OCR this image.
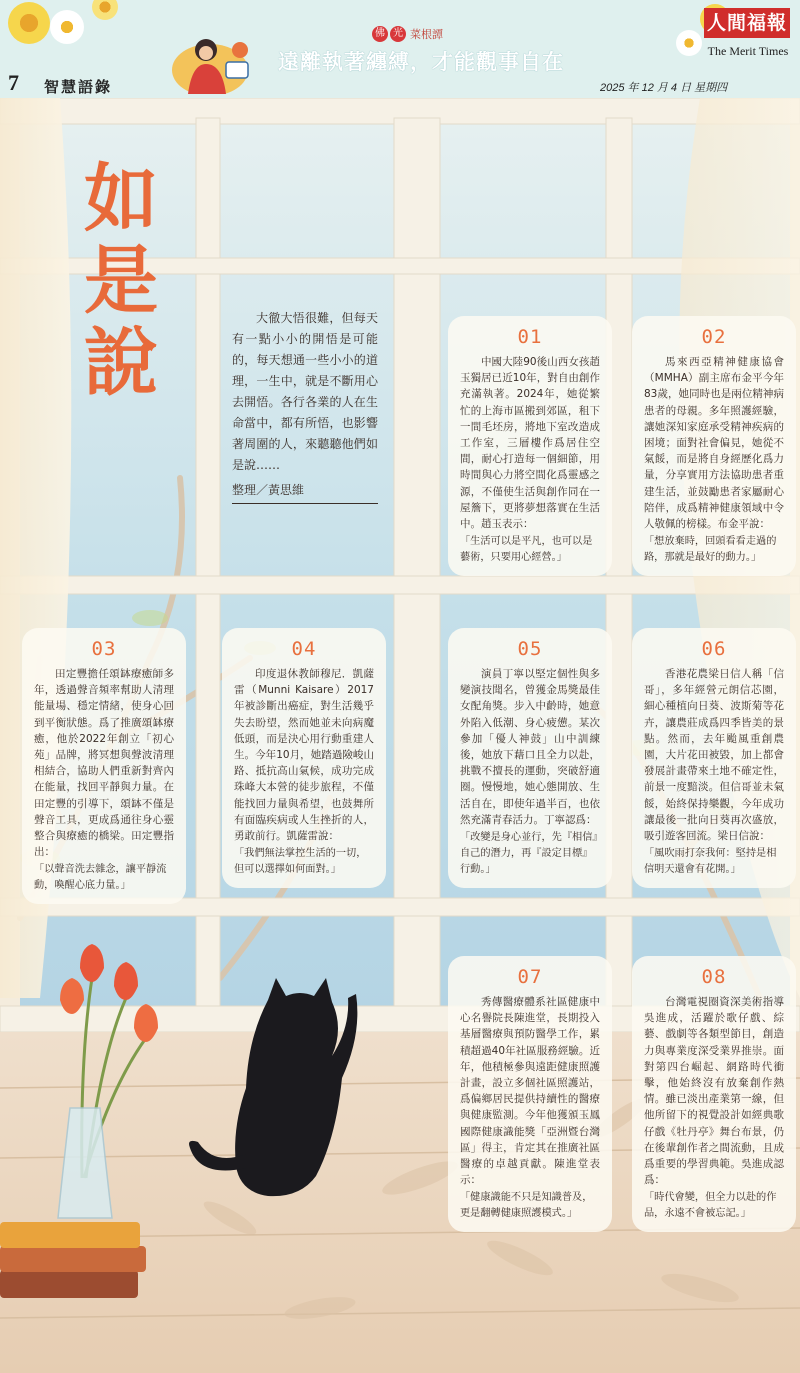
佛 光 菜根譚
遠離執著纏縛，才能觀事自在
人間福報
The Merit Times
7 智慧語錄	2025 年 12 月 4 日 星期四
如是說
大徹大悟很難，但每天有一點小小的開悟是可能的，每天想通一些小小的道理，一生中，就是不斷用心去開悟。各行各業的人在生命當中，都有所悟，也影響著周圍的人，來聽聽他們如是說……
整理／黃思維
01

中國大陸90後山西女孩趙玉獨居已近10年，對自由創作充滿執著。2024年，她從繁忙的上海市區搬到郊區，租下一間毛坯房，將地下室改造成工作室，三層樓作爲居住空間，耐心打造每一個細節，用時間與心力將空間化爲靈感之源，不僅使生活與創作同在一屋簷下，更將夢想落實在生活中。趙玉表示：

「生活可以是平凡，也可以是藝術，只要用心經營。」

02

馬來西亞精神健康協會（MMHA）副主席布金平今年83歲，她同時也是兩位精神病患者的母親。多年照護經驗，讓她深知家庭承受精神疾病的困境；面對社會偏見，她從不氣餒，而是將自身經歷化爲力量，分享實用方法協助患者重建生活，並鼓勵患者家屬耐心陪伴，成爲精神健康領域中令人敬佩的榜樣。布金平說：

「想放棄時，回頭看看走過的路，那就是最好的動力。」

03

田定豐擔任頌缽療癒師多年，透過聲音頻率幫助人清理能量場、穩定情緒，使身心回到平衡狀態。爲了推廣頌缽療癒，他於2022年創立「初心苑」品牌，將冥想與聲波清理相結合，協助人們重新對齊內在能量，找回平靜與力量。在田定豐的引導下，頌缽不僅是聲音工具，更成爲通往身心靈整合與療癒的橋梁。田定豐指出：

「以聲音洗去雜念，讓平靜流動，喚醒心底力量。」

04

印度退休教師穆尼．凱薩雷（Munni Kaisare）2017年被診斷出癌症，對生活幾乎失去盼望，然而她並未向病魔低頭，而是決心用行動重建人生。今年10月，她踏過險峻山路、抵抗高山氣候，成功完成珠峰大本營的徒步旅程，不僅能找回力量與希望，也鼓舞所有面臨疾病或人生挫折的人，勇敢前行。凱薩雷說：

「我們無法掌控生活的一切，但可以選擇如何面對。」

05

演員丁寧以堅定個性與多變演技聞名，曾獲金馬獎最佳女配角獎。步入中齡時，她意外陷入低潮、身心疲憊。某次參加「優人神鼓」山中訓練後，她放下藉口且全力以赴，挑戰不擅長的運動，突破舒適圈。慢慢地，她心態開放、生活自在，即使年過半百，也依然充滿青春活力。丁寧認爲：

「改變是身心並行，先『相信』自己的潛力，再『設定目標』行動。」

06

香港花農梁日信人稱「信哥」，多年經營元朗信芯園，細心種植向日葵、波斯菊等花卉，讓農莊成爲四季皆美的景點。然而，去年颱風重創農園，大片花田被毀，加上都會發展計畫帶來土地不確定性，前景一度黯淡。但信哥並未氣餒，始終保持樂觀，今年成功讓最後一批向日葵再次盛放，吸引遊客回流。梁日信說：

「風吹雨打奈我何：堅持是相信明天還會有花開。」

07

秀傳醫療體系社區健康中心名譽院長陳進堂，長期投入基層醫療與預防醫學工作，累積超過40年社區服務經驗。近年，他積極參與遠距健康照護計畫，設立多個社區照護站，爲偏鄉居民提供持續性的醫療與健康監測。今年他獲頒玉鳳國際健康識能獎「亞洲暨台灣區」得主，肯定其在推廣社區醫療的卓越貢獻。陳進堂表示：

「健康識能不只是知識普及，更是翻轉健康照護模式。」

08

台灣電視圈資深美術指導吳進成，活躍於歌仔戲、綜藝、戲劇等各類型節目，創造力與專業度深受業界推崇。面對第四台崛起、網路時代衝擊，他始終沒有放棄創作熱情。雖已淡出產業第一線，但他所留下的視覺設計如經典歌仔戲《牡丹亭》舞台布景，仍在後輩創作者之間流動，且成爲重要的學習典範。吳進成認爲：

「時代會變，但全力以赴的作品，永遠不會被忘記。」
